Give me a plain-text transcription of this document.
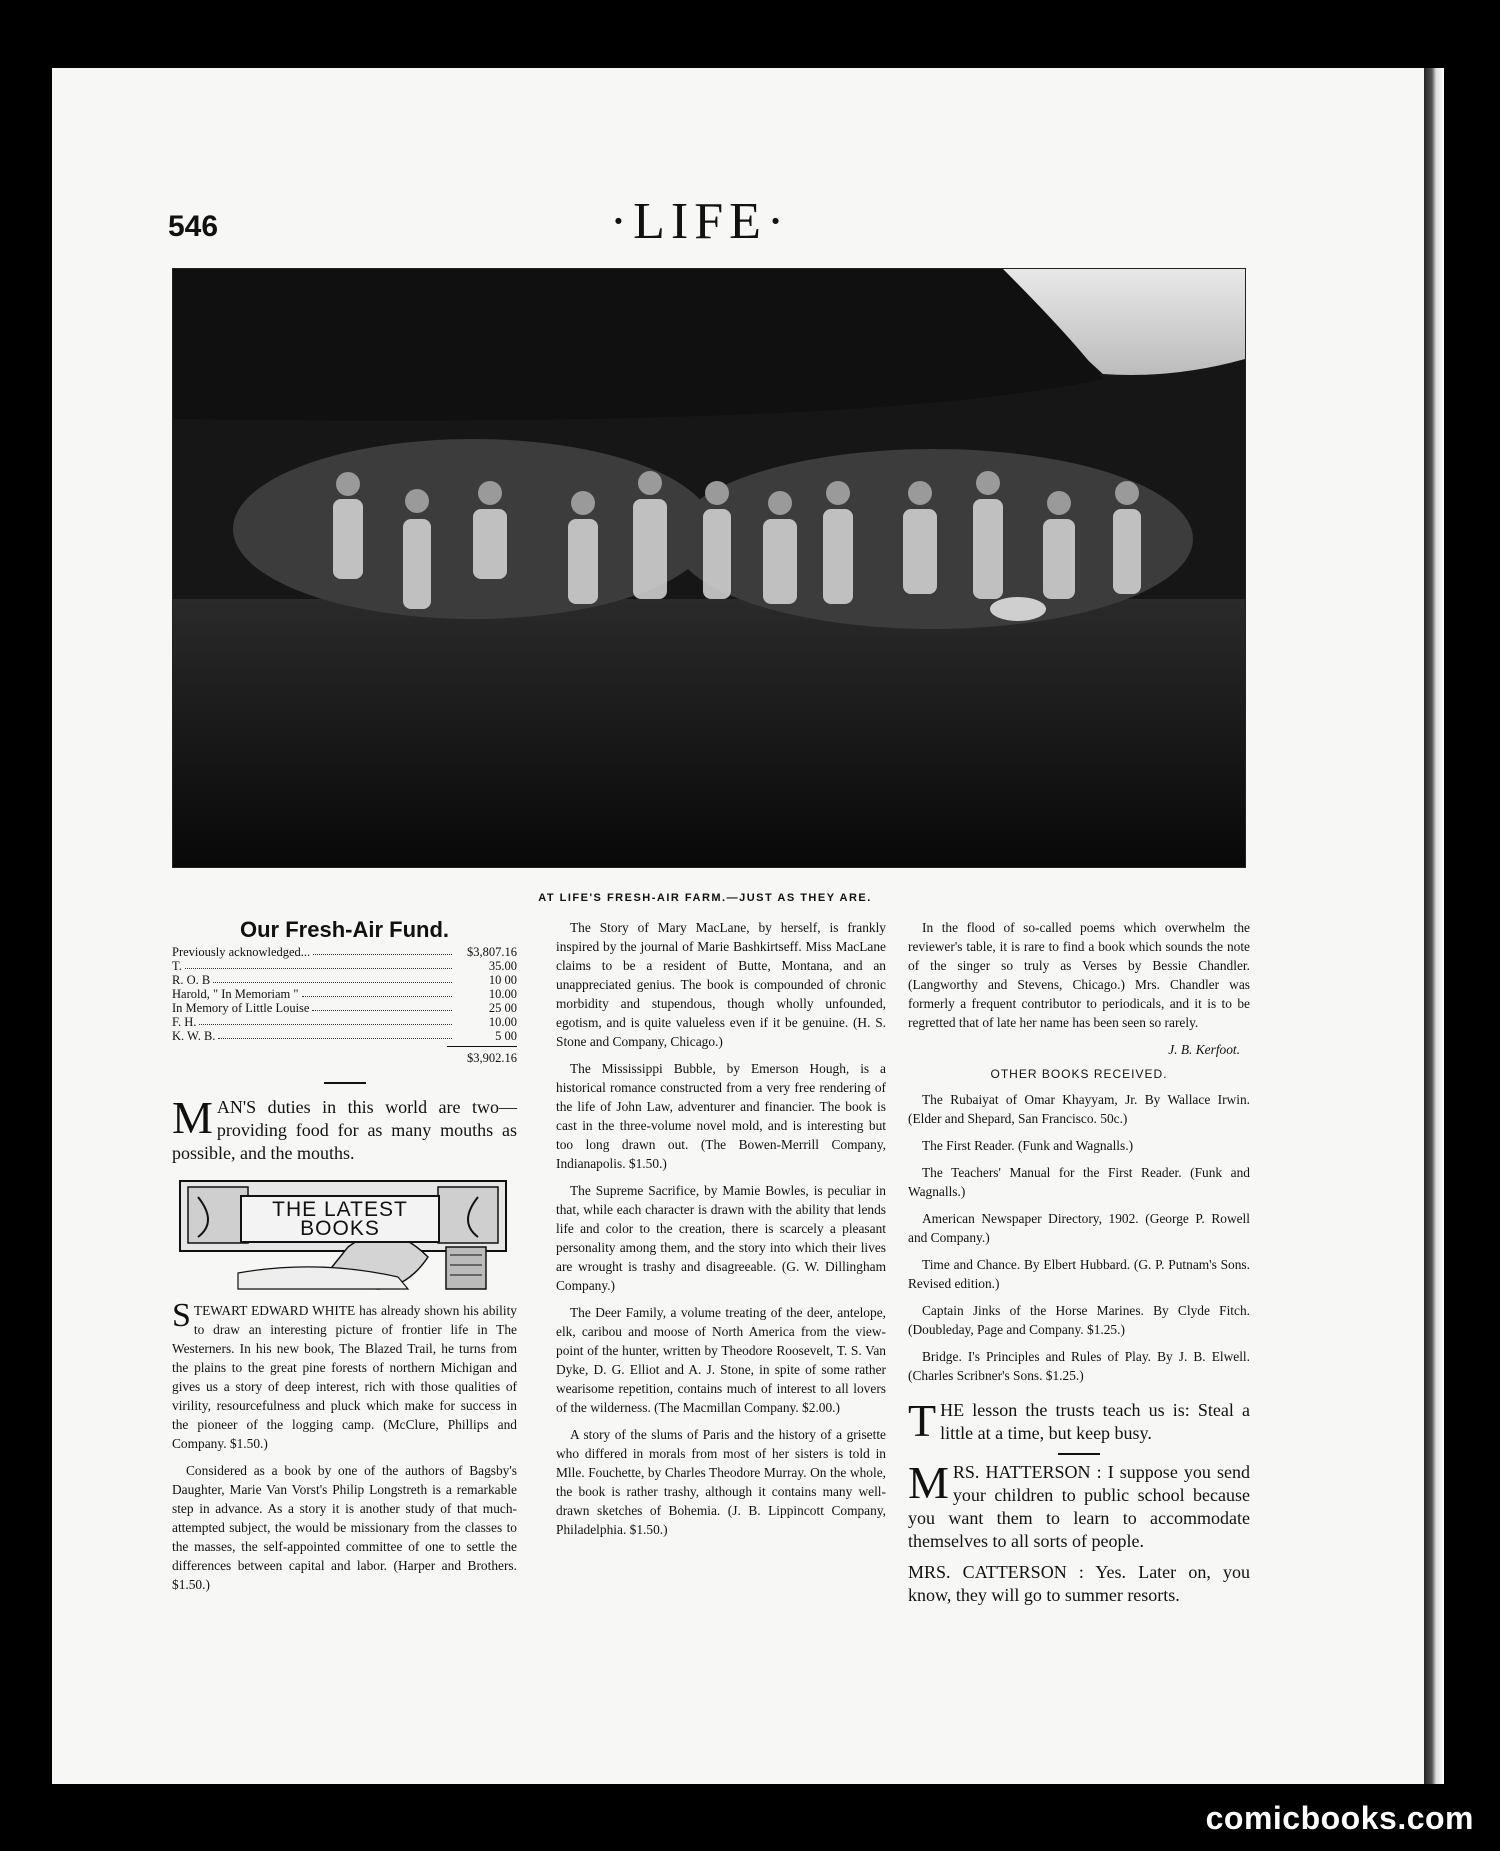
546	·LIFE·
AT LIFE'S FRESH-AIR FARM.—JUST AS THEY ARE.
Our Fresh-Air Fund.
Previously acknowledged...	$3,807.16
T.	35.00
R. O. B	10 00
Harold, " In Memoriam "	10.00
In Memory of Little Louise	25 00
F. H.	10.00
K. W. B.	5 00
$3,902.16

MAN'S duties in this world are two—providing food for as many mouths as possible, and the mouths.

THE LATEST BOOKS

STEWART EDWARD WHITE has already shown his ability to draw an interesting picture of frontier life in The Westerners. In his new book, The Blazed Trail, he turns from the plains to the great pine forests of northern Michigan and gives us a story of deep interest, rich with those qualities of virility, resourcefulness and pluck which make for success in the pioneer of the logging camp. (McClure, Phillips and Company. $1.50.)

Considered as a book by one of the authors of Bagsby's Daughter, Marie Van Vorst's Philip Longstreth is a remarkable step in advance. As a story it is another study of that much-attempted subject, the would be missionary from the classes to the masses, the self-appointed committee of one to settle the differences between capital and labor. (Harper and Brothers. $1.50.)

The Story of Mary MacLane, by herself, is frankly inspired by the journal of Marie Bashkirtseff. Miss MacLane claims to be a resident of Butte, Montana, and an unappreciated genius. The book is compounded of chronic morbidity and stupendous, though wholly unfounded, egotism, and is quite valueless even if it be genuine. (H. S. Stone and Company, Chicago.)

The Mississippi Bubble, by Emerson Hough, is a historical romance constructed from a very free rendering of the life of John Law, adventurer and financier. The book is cast in the three-volume novel mold, and is interesting but too long drawn out. (The Bowen-Merrill Company, Indianapolis. $1.50.)

The Supreme Sacrifice, by Mamie Bowles, is peculiar in that, while each character is drawn with the ability that lends life and color to the creation, there is scarcely a pleasant personality among them, and the story into which their lives are wrought is trashy and disagreeable. (G. W. Dillingham Company.)

The Deer Family, a volume treating of the deer, antelope, elk, caribou and moose of North America from the view-point of the hunter, written by Theodore Roosevelt, T. S. Van Dyke, D. G. Elliot and A. J. Stone, in spite of some rather wearisome repetition, contains much of interest to all lovers of the wilderness. (The Macmillan Company. $2.00.)

A story of the slums of Paris and the history of a grisette who differed in morals from most of her sisters is told in Mlle. Fouchette, by Charles Theodore Murray. On the whole, the book is rather trashy, although it contains many well-drawn sketches of Bohemia. (J. B. Lippincott Company, Philadelphia. $1.50.)

In the flood of so-called poems which overwhelm the reviewer's table, it is rare to find a book which sounds the note of the singer so truly as Verses by Bessie Chandler. (Langworthy and Stevens, Chicago.) Mrs. Chandler was formerly a frequent contributor to periodicals, and it is to be regretted that of late her name has been seen so rarely.

J. B. Kerfoot.
OTHER BOOKS RECEIVED.

The Rubaiyat of Omar Khayyam, Jr. By Wallace Irwin. (Elder and Shepard, San Francisco. 50c.)

The First Reader. (Funk and Wagnalls.)

The Teachers' Manual for the First Reader. (Funk and Wagnalls.)

American Newspaper Directory, 1902. (George P. Rowell and Company.)

Time and Chance. By Elbert Hubbard. (G. P. Putnam's Sons. Revised edition.)

Captain Jinks of the Horse Marines. By Clyde Fitch. (Doubleday, Page and Company. $1.25.)

Bridge. I's Principles and Rules of Play. By J. B. Elwell. (Charles Scribner's Sons. $1.25.)

THE lesson the trusts teach us is: Steal a little at a time, but keep busy.

MRS. HATTERSON : I suppose you send your children to public school because you want them to learn to accommodate themselves to all sorts of people.

MRS. CATTERSON : Yes. Later on, you know, they will go to summer resorts.

comicbooks.com
